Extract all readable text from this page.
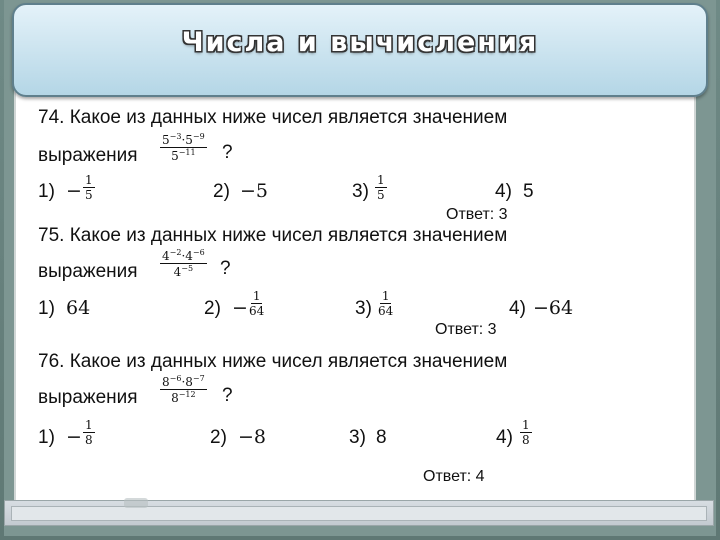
Числа и вычисления
74. Какое из данных ниже чисел является значением
выражения $\frac{5^{-3}\cdot 5^{-9}}{5^{-11}}$ ?
$1) - \frac{1}{5}$	2) −5	$3) \frac{1}{5}$	4) 5
Ответ: 3
75. Какое из данных ниже чисел является значением
выражения $\frac{4^{-2}\cdot 4^{-6}}{4^{-5}}$ ?
1) 64	$2) - \frac{1}{64}$	$3) \frac{1}{64}$	4) −64
Ответ: 3
76. Какое из данных ниже чисел является значением
выражения $\frac{8^{-6}\cdot 8^{-7}}{8^{-12}}$ ?
$1) - \frac{1}{8}$	2) −8	3) 8	$4) \frac{1}{8}$
Ответ: 4
